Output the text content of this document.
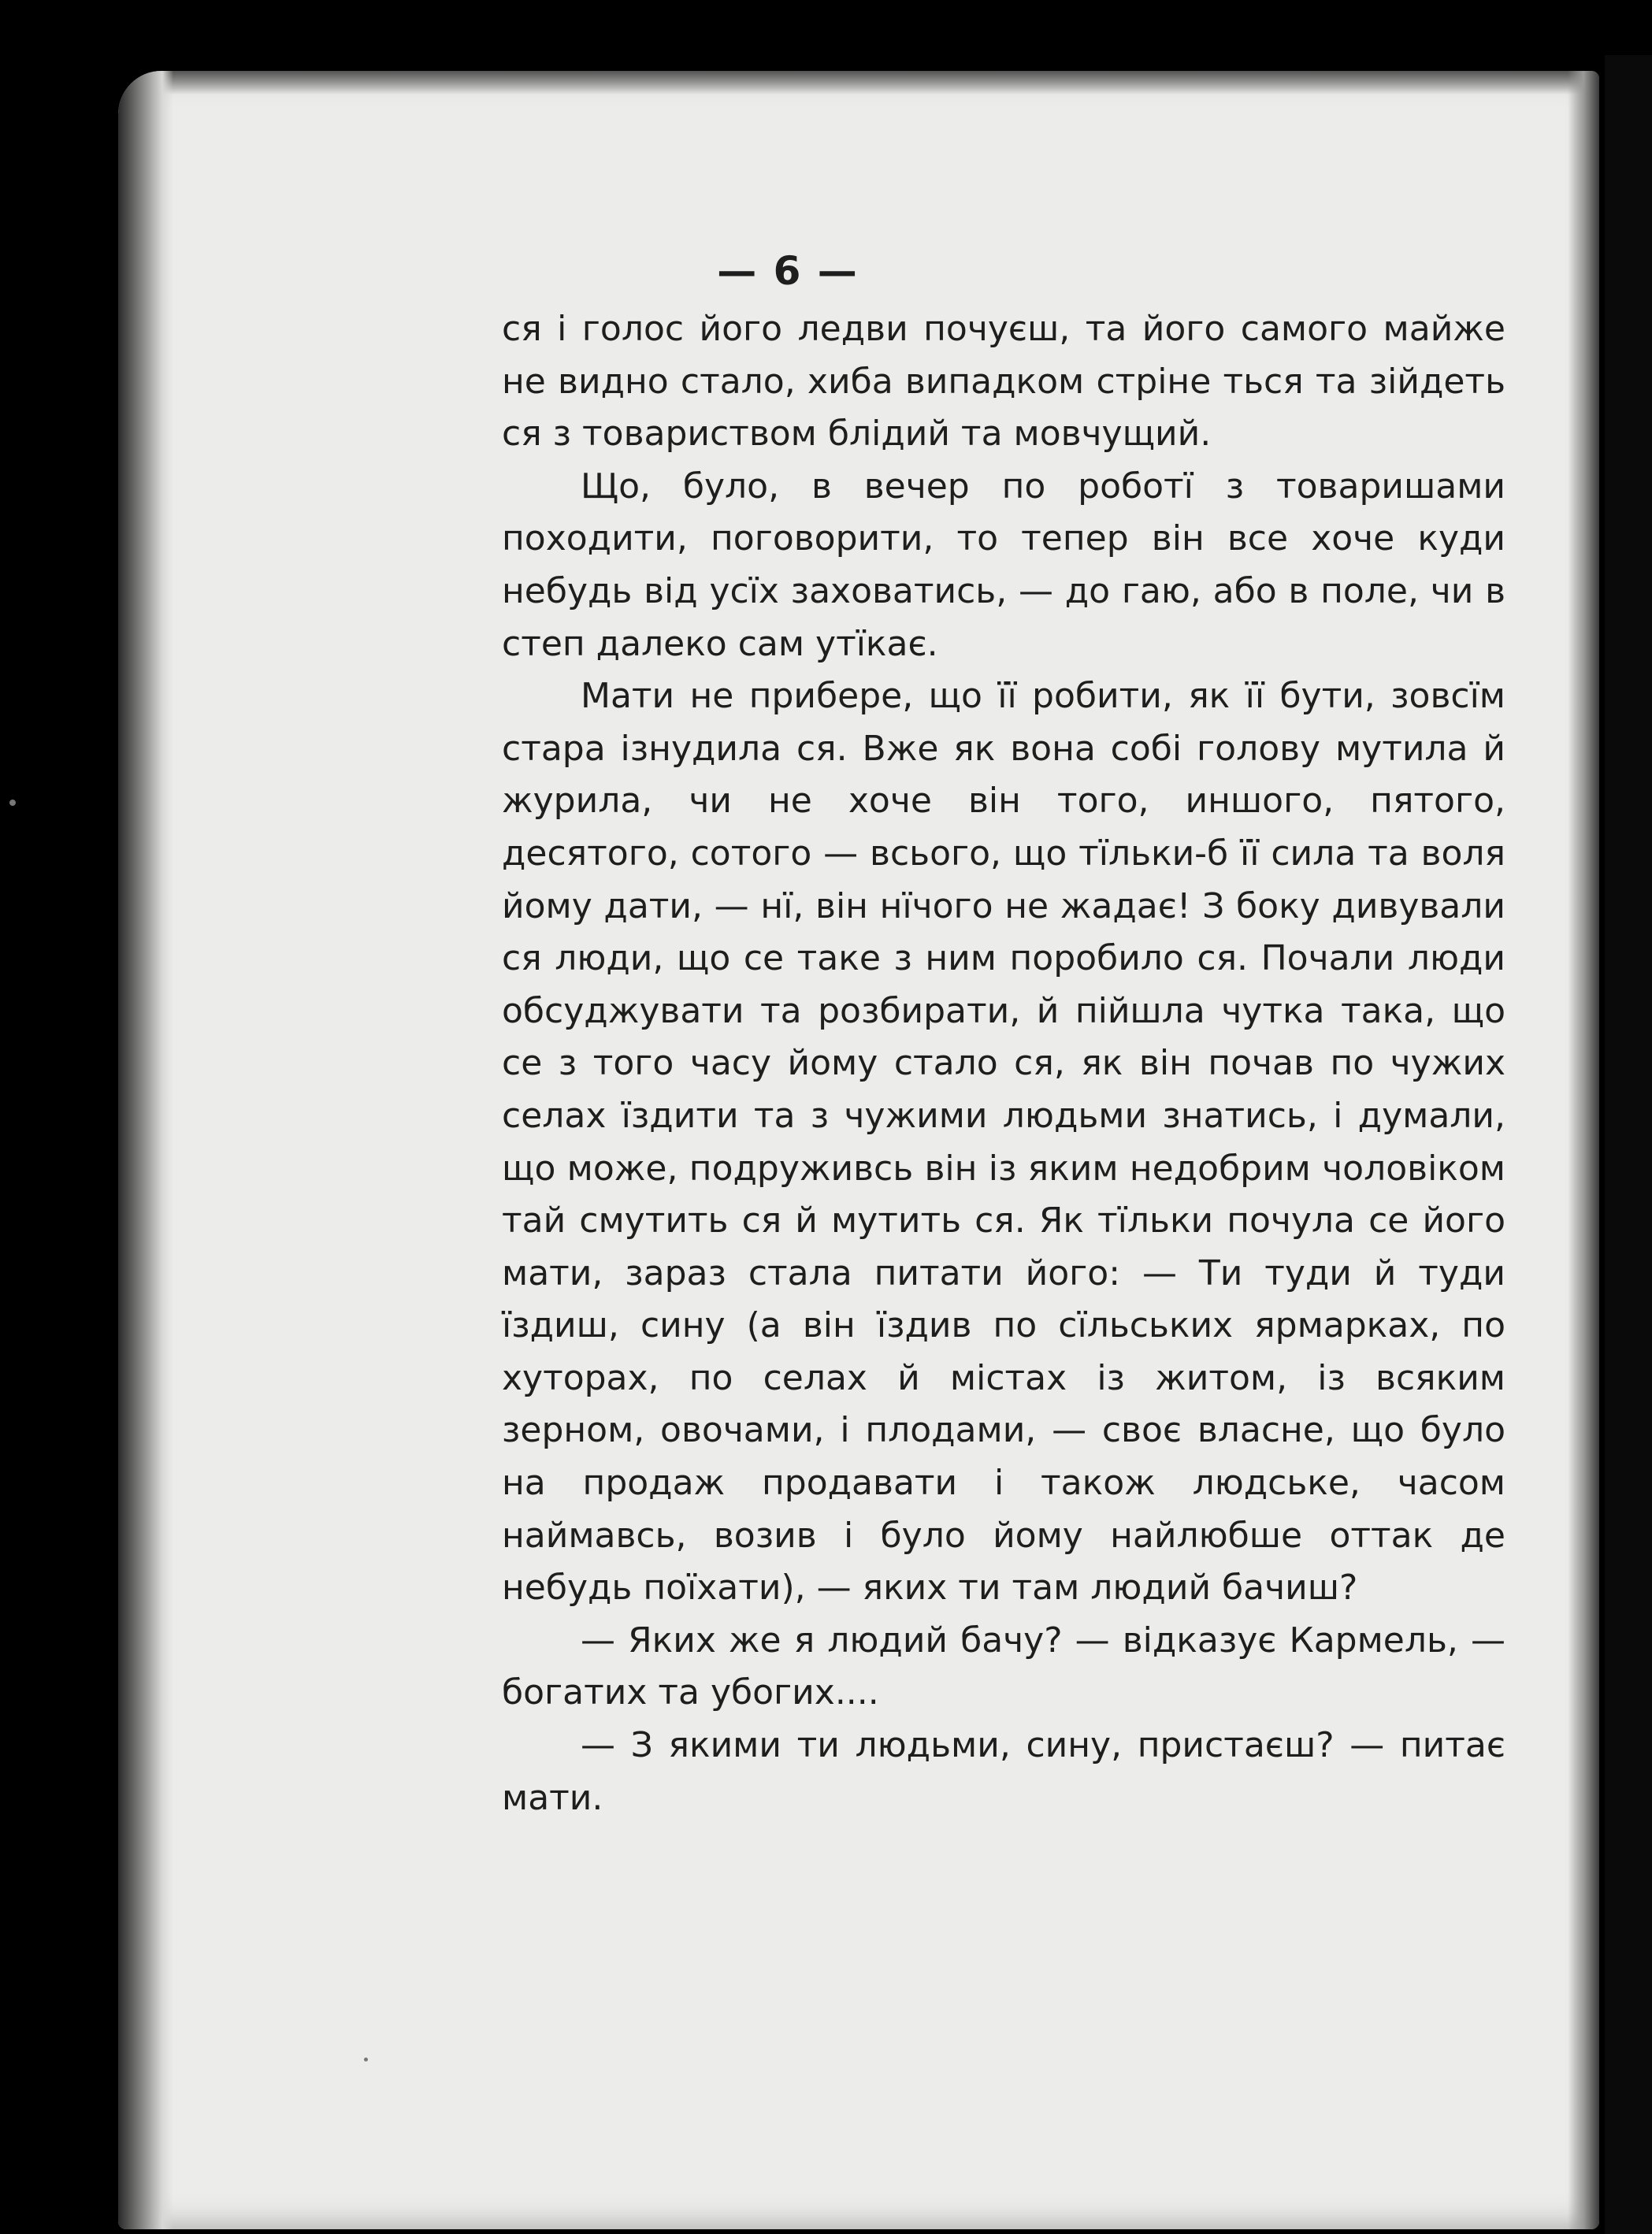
— 6 —

ся і голос його ледви почуєш, та його самого майже не видно стало, хиба випадком стріне ться та зійдеть ся з товариством блідий та мовчущий.

Що, було, в вечер по роботї з товаришами походити, поговорити, то тепер він все хоче куди небудь від усїх заховатись, — до гаю, або в поле, чи в степ далеко сам утїкає.

Мати не прибере, що її робити, як її бути, зовсїм стара ізнудила ся. Вже як вона собі голову мутила й журила, чи не хоче він того, иншого, пятого, десятого, сотого — всього, що тїльки-б її сила та воля йому дати, — нї, він нїчого не жадає! З боку дивували ся люди, що се таке з ним поробило ся. Почали люди обсуджувати та розбирати, й пійшла чутка така, що се з того часу йому стало ся, як він почав по чужих селах їздити та з чужими людьми знатись, і думали, що може, подруживсь він із яким недобрим чоловіком тай смутить ся й мутить ся. Як тїльки почула се його мати, зараз стала питати його: — Ти туди й туди їздиш, сину (а він їздив по сїльських ярмарках, по хуторах, по селах й містах із житом, із всяким зерном, овочами, і плодами, — своє власне, що було на продаж продавати і також людське, часом наймавсь, возив і було йому найлюбше оттак де небудь поїхати), — яких ти там людий бачиш?

— Яких же я людий бачу? — відказує Кармель, — богатих та убогих....

— З якими ти людьми, сину, пристаєш? — питає мати.
